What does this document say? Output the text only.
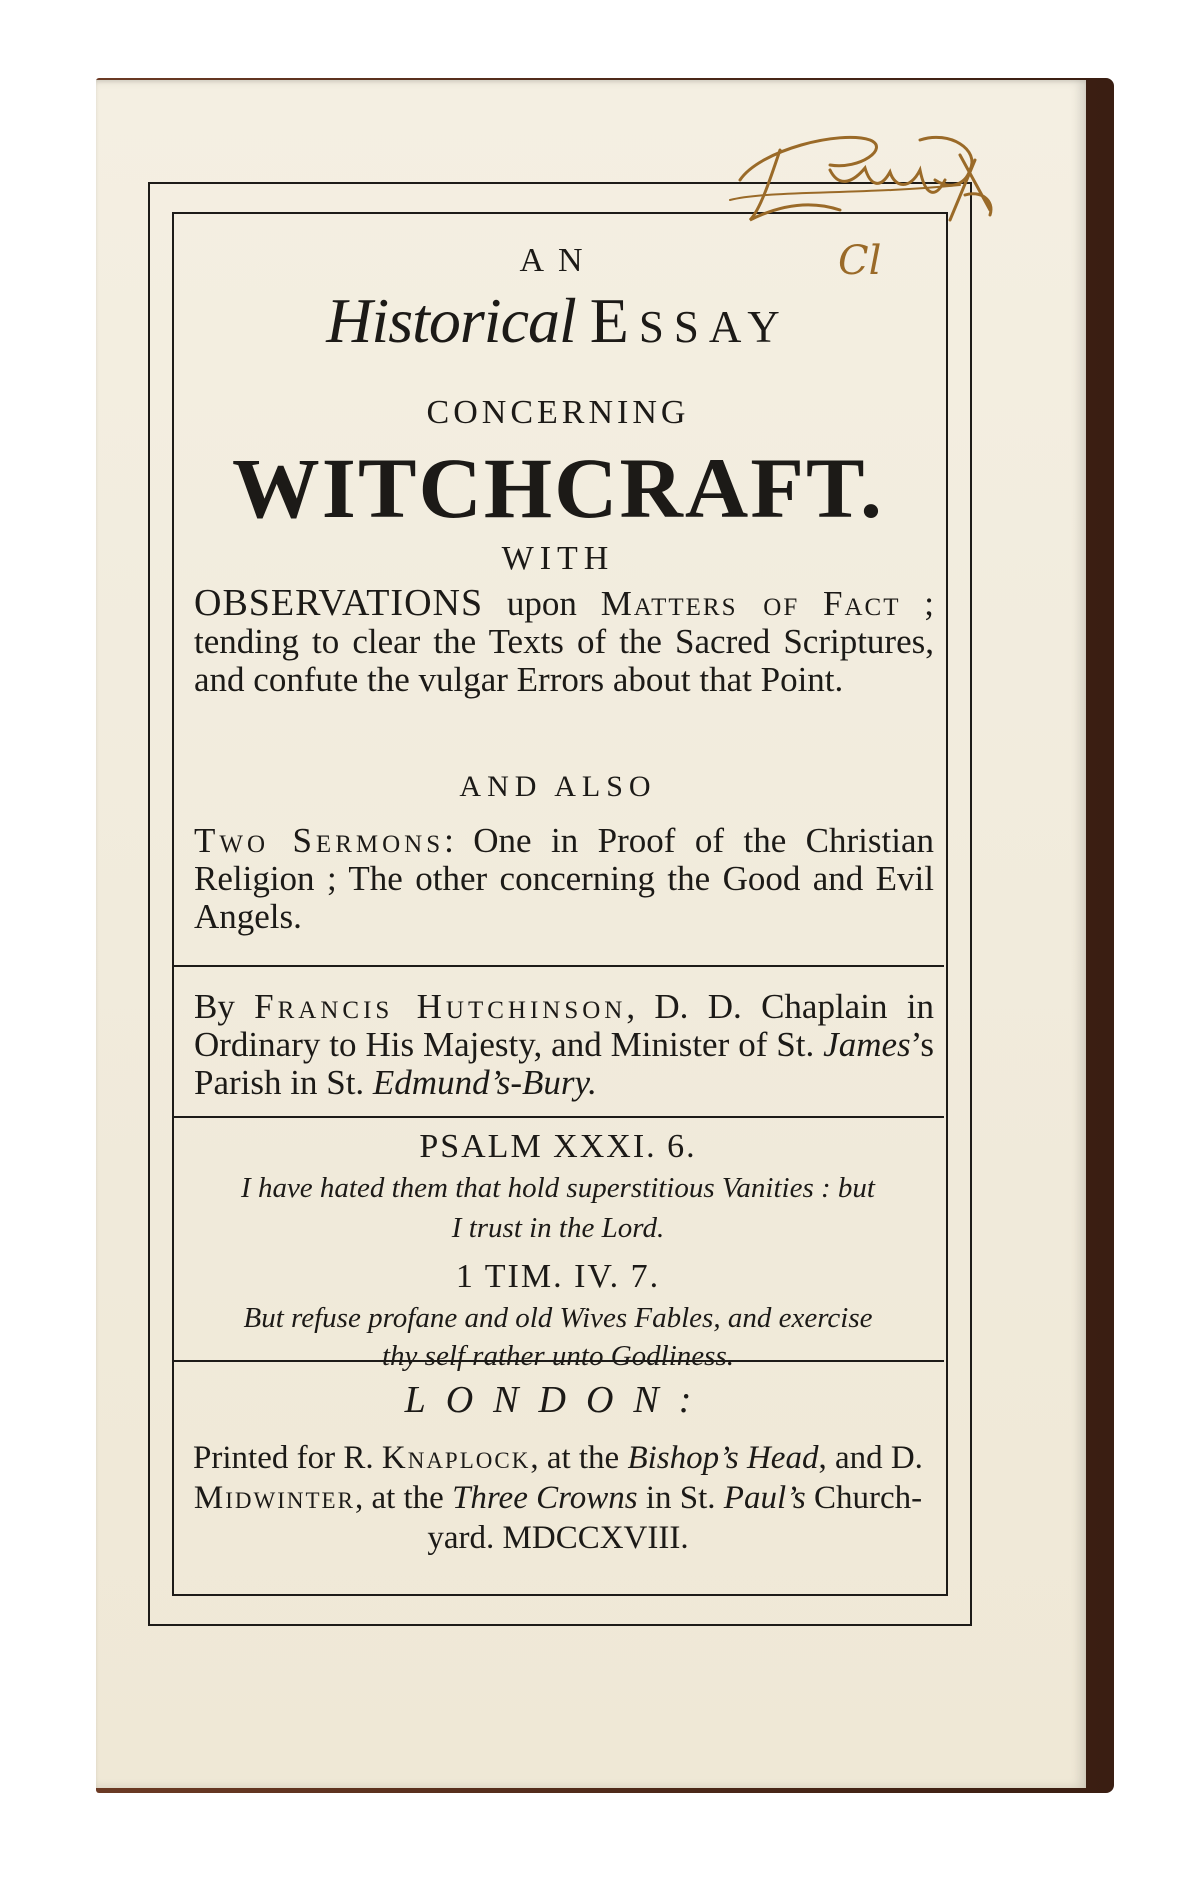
Cl
AN
Historical Essay
CONCERNING
WITCHCRAFT.
WITH
OBSERVATIONS upon Matters of Fact ; tending to clear the Texts of the Sacred Scriptures, and confute the vulgar Errors about that Point.
AND ALSO
Two Sermons: One in Proof of the Christian Religion ; The other concerning the Good and Evil Angels.
By Francis Hutchinson, D. D. Chaplain in Ordinary to His Majesty, and Minister of St. James’s Parish in St. Edmund’s-Bury.
PSALM XXXI. 6.
I have hated them that hold superstitious Vanities : but
I trust in the Lord.
1 TIM. IV. 7.
But refuse profane and old Wives Fables, and exercise
thy self rather unto Godliness.
LONDON:
Printed for R. Knaplock, at the Bishop’s Head, and D. Midwinter, at the Three Crowns in St. Paul’s Church-yard. MDCCXVIII.
